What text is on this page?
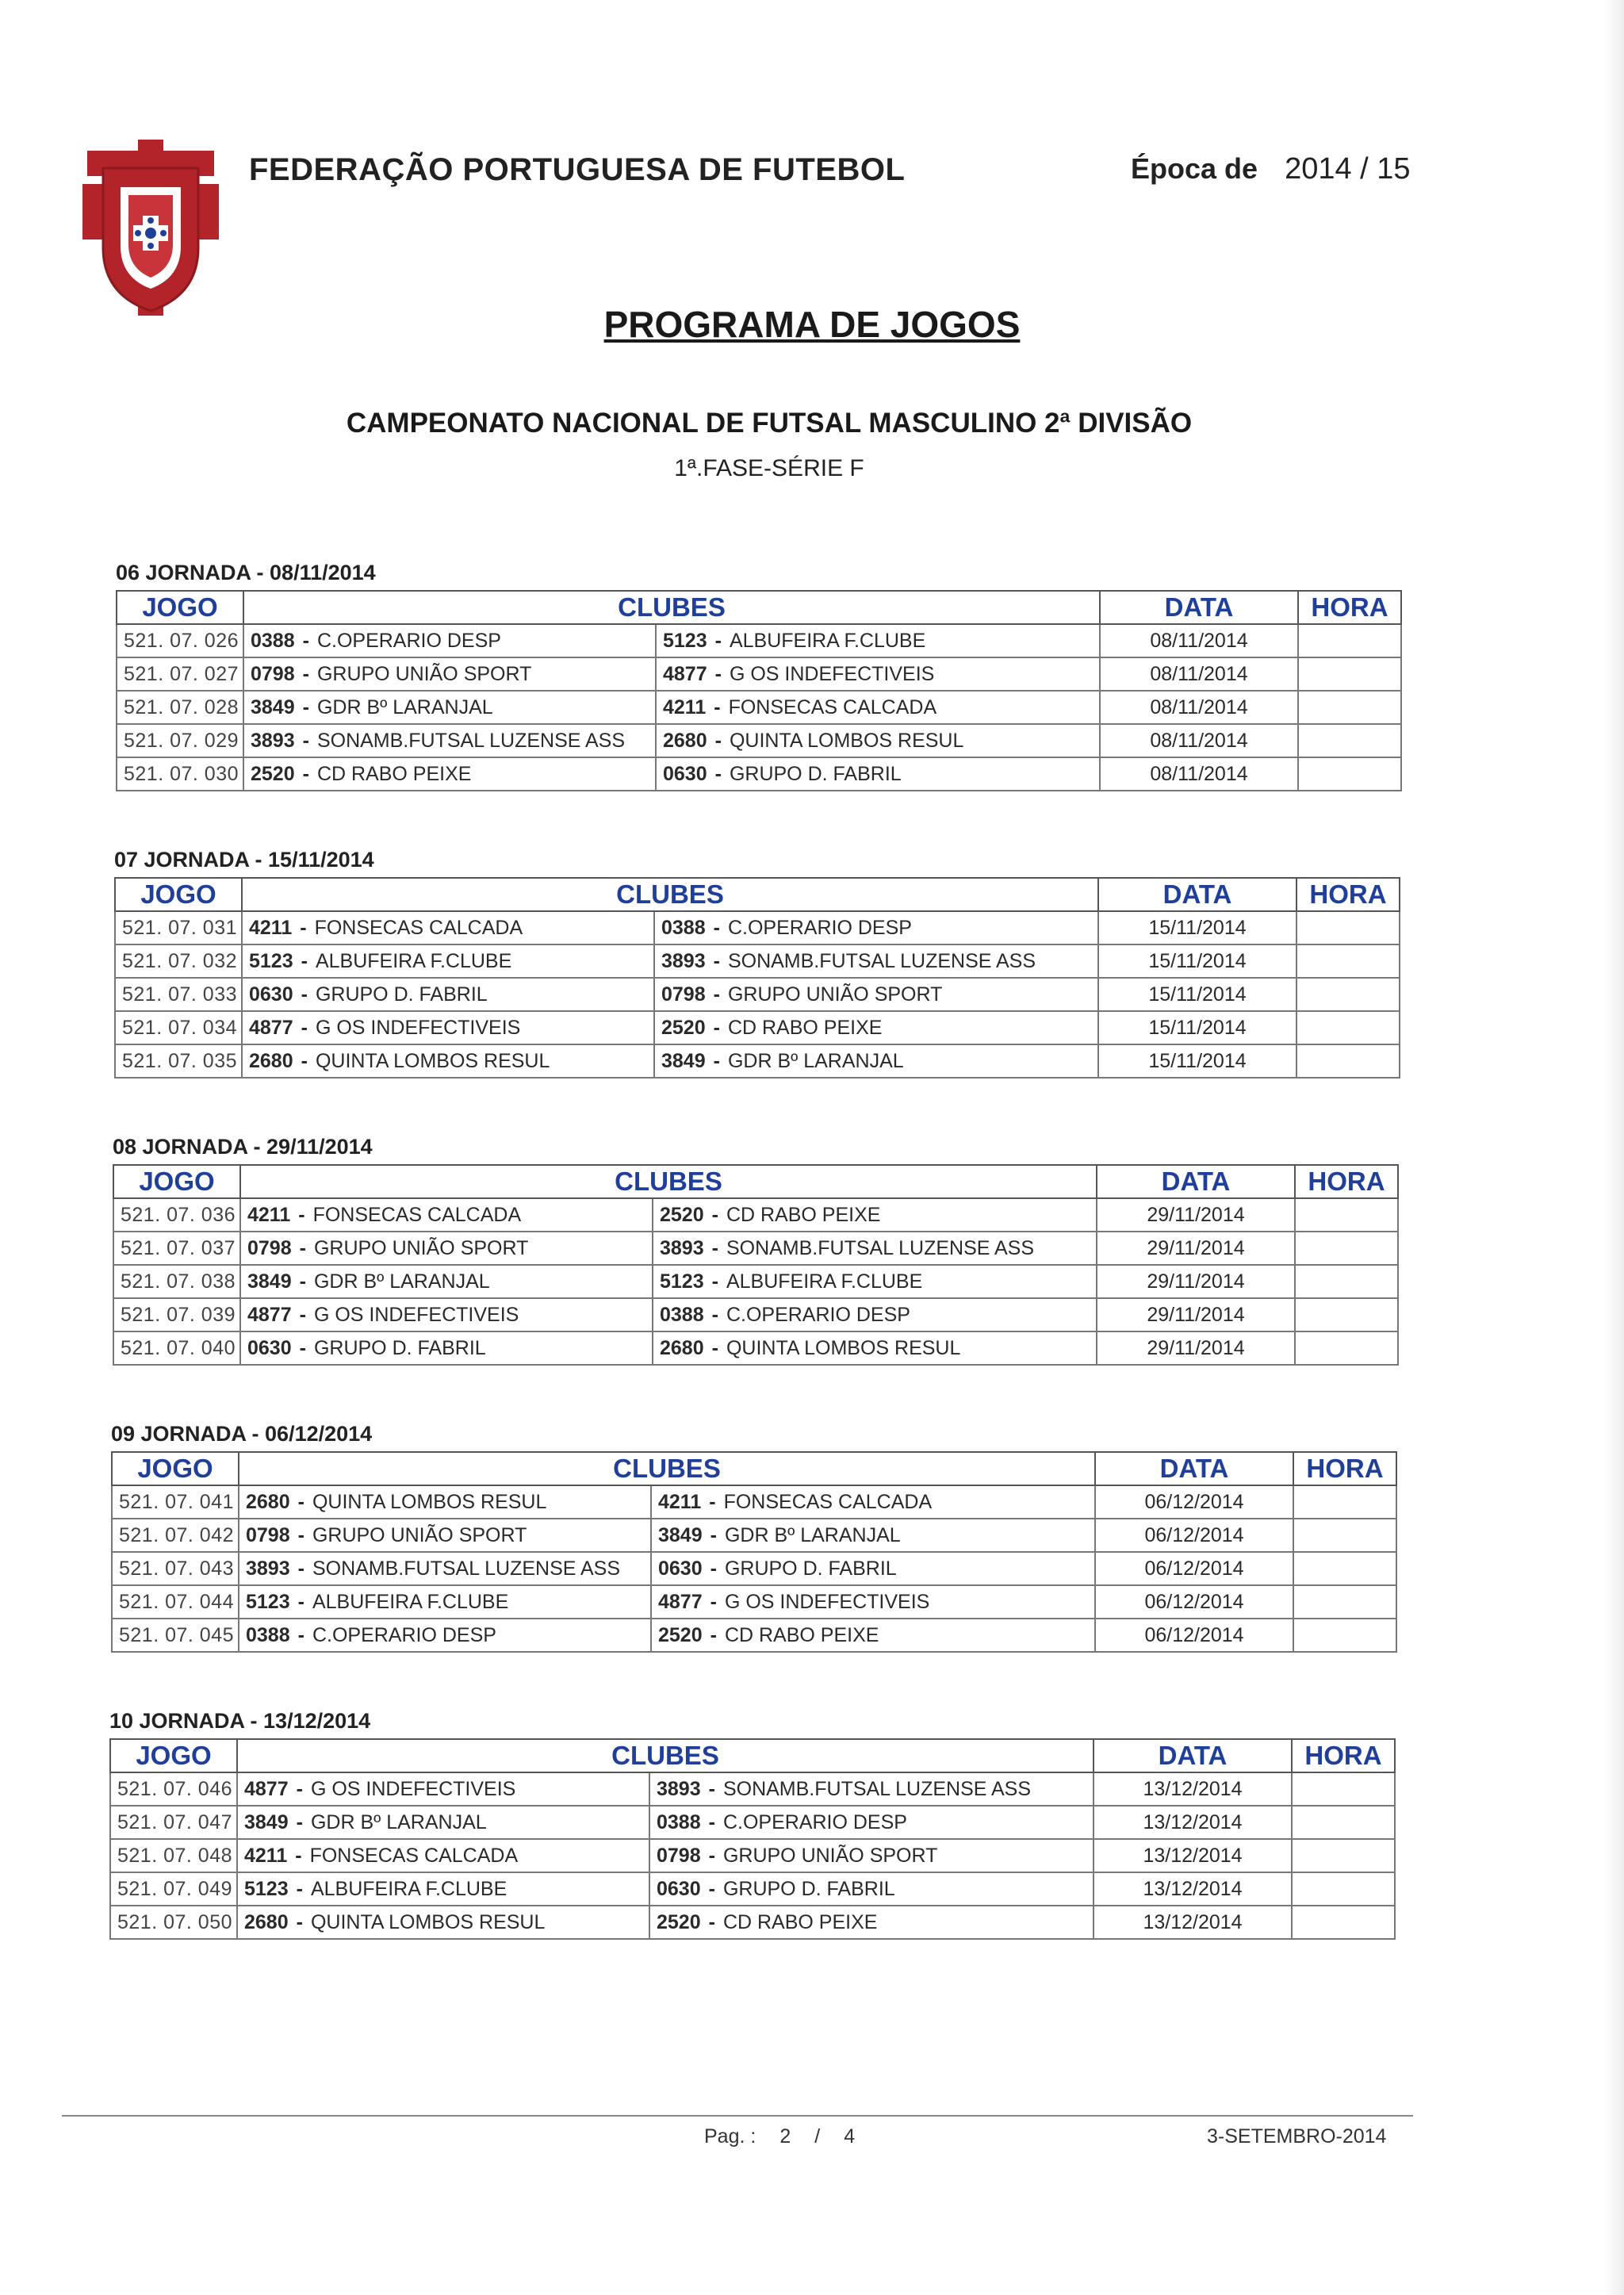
FEDERAÇÃO PORTUGUESA DE FUTEBOL	Época de 2014 / 15
PROGRAMA DE JOGOS
CAMPEONATO NACIONAL DE FUTSAL MASCULINO 2ª DIVISÃO
1ª.FASE-SÉRIE F
06 JORNADA - 08/11/2014
JOGO	CLUBES		DATA	HORA
521. 07. 026	0388 - C.OPERARIO DESP	5123 - ALBUFEIRA F.CLUBE	08/11/2014	
521. 07. 027	0798 - GRUPO UNIÃO SPORT	4877 - G OS INDEFECTIVEIS	08/11/2014	
521. 07. 028	3849 - GDR Bº LARANJAL	4211 - FONSECAS CALCADA	08/11/2014	
521. 07. 029	3893 - SONAMB.FUTSAL LUZENSE ASS	2680 - QUINTA LOMBOS RESUL	08/11/2014	
521. 07. 030	2520 - CD RABO PEIXE	0630 - GRUPO D. FABRIL	08/11/2014	
07 JORNADA - 15/11/2014
JOGO	CLUBES		DATA	HORA
521. 07. 031	4211 - FONSECAS CALCADA	0388 - C.OPERARIO DESP	15/11/2014	
521. 07. 032	5123 - ALBUFEIRA F.CLUBE	3893 - SONAMB.FUTSAL LUZENSE ASS	15/11/2014	
521. 07. 033	0630 - GRUPO D. FABRIL	0798 - GRUPO UNIÃO SPORT	15/11/2014	
521. 07. 034	4877 - G OS INDEFECTIVEIS	2520 - CD RABO PEIXE	15/11/2014	
521. 07. 035	2680 - QUINTA LOMBOS RESUL	3849 - GDR Bº LARANJAL	15/11/2014	
08 JORNADA - 29/11/2014
JOGO	CLUBES		DATA	HORA
521. 07. 036	4211 - FONSECAS CALCADA	2520 - CD RABO PEIXE	29/11/2014	
521. 07. 037	0798 - GRUPO UNIÃO SPORT	3893 - SONAMB.FUTSAL LUZENSE ASS	29/11/2014	
521. 07. 038	3849 - GDR Bº LARANJAL	5123 - ALBUFEIRA F.CLUBE	29/11/2014	
521. 07. 039	4877 - G OS INDEFECTIVEIS	0388 - C.OPERARIO DESP	29/11/2014	
521. 07. 040	0630 - GRUPO D. FABRIL	2680 - QUINTA LOMBOS RESUL	29/11/2014	
09 JORNADA - 06/12/2014
JOGO	CLUBES		DATA	HORA
521. 07. 041	2680 - QUINTA LOMBOS RESUL	4211 - FONSECAS CALCADA	06/12/2014	
521. 07. 042	0798 - GRUPO UNIÃO SPORT	3849 - GDR Bº LARANJAL	06/12/2014	
521. 07. 043	3893 - SONAMB.FUTSAL LUZENSE ASS	0630 - GRUPO D. FABRIL	06/12/2014	
521. 07. 044	5123 - ALBUFEIRA F.CLUBE	4877 - G OS INDEFECTIVEIS	06/12/2014	
521. 07. 045	0388 - C.OPERARIO DESP	2520 - CD RABO PEIXE	06/12/2014	
10 JORNADA - 13/12/2014
JOGO	CLUBES		DATA	HORA
521. 07. 046	4877 - G OS INDEFECTIVEIS	3893 - SONAMB.FUTSAL LUZENSE ASS	13/12/2014	
521. 07. 047	3849 - GDR Bº LARANJAL	0388 - C.OPERARIO DESP	13/12/2014	
521. 07. 048	4211 - FONSECAS CALCADA	0798 - GRUPO UNIÃO SPORT	13/12/2014	
521. 07. 049	5123 - ALBUFEIRA F.CLUBE	0630 - GRUPO D. FABRIL	13/12/2014	
521. 07. 050	2680 - QUINTA LOMBOS RESUL	2520 - CD RABO PEIXE	13/12/2014	
Pag. : 2 / 4	3-SETEMBRO-2014
